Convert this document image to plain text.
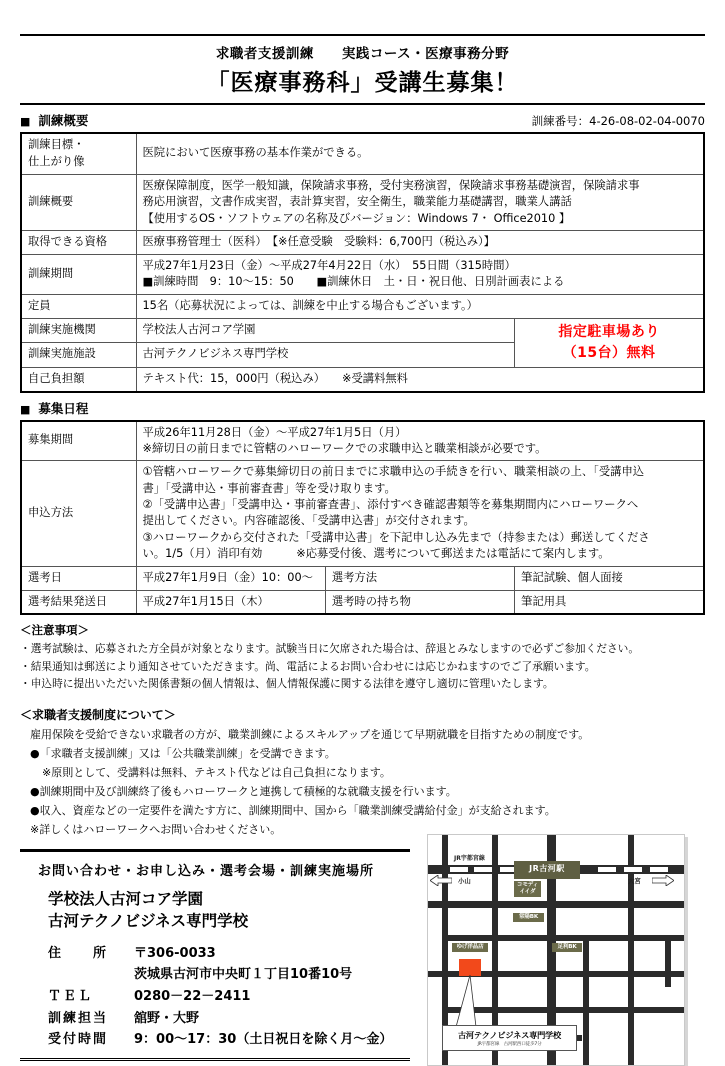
求職者支援訓練　　実践コース・医療事務分野
「医療事務科」受講生募集！
■ 訓練概要	訓練番号：4-26-08-02-04-0070
訓練目標・
仕上がり像	医院において医療事務の基本作業ができる。	
訓練概要	医療保障制度，医学一般知識，保険請求事務，受付実務演習，保険請求事務基礎演習，保険請求事
務応用演習，文書作成実習，表計算実習，安全衛生，職業能力基礎講習，職業人講話
【使用するOS・ソフトウェアの名称及びバージョン：Windows 7・ Office2010 】	

取得できる資格	医療事務管理士（医科）　【※任意受験　受験料：6,700円（税込み）】	
訓練期間	平成27年1月23日（金）～平成27年4月22日（水）　55日間（315時間）
■訓練時間　9：10～15：50　　■訓練休日　土・日・祝日他、日別計画表による	

定員	15名（応募状況によっては、訓練を中止する場合もございます。）	
訓練実施機関	学校法人古河コア学園	指定駐車場あり
（15台）無料

訓練実施施設	古河テクノビジネス専門学校	
自己負担額	テキスト代：15，000円（税込み）　　※受講料無料	
■ 募集日程
募集期間	平成26年11月28日（金）～平成27年1月5日（月）
※締切日の前日までに管轄のハローワークでの求職申込と職業相談が必要です。		

申込方法	
①管轄ハローワークで募集締切日の前日までに求職申込の手続きを行い、職業相談の上、「受講申込
書」「受講申込・事前審査書」等を受け取ります。
②「受講申込書」「受講申込・事前審査書」、添付すべき確認書類等を募集期間内にハローワークへ
提出してください。内容確認後、「受講申込書」が交付されます。
③ハローワークから交付された「受講申込書」を下記申し込み先まで（持参または）郵送してくださ
い。1/5（月）消印有効　　　※応募受付後、選考について郵送または電話にて案内します。

選考日	平成27年1月9日（金）10：00～	選考方法	筆記試験、個人面接
選考結果発送日	平成27年1月15日（木）	選考時の持ち物	筆記用具
＜注意事項＞
・選考試験は、応募された方全員が対象となります。試験当日に欠席された場合は、辞退とみなしますので必ずご参加ください。
・結果通知は郵送により通知させていただきます。尚、電話によるお問い合わせには応じかねますのでご了承願います。
・申込時に提出いただいた関係書類の個人情報は、個人情報保護に関する法律を遵守し適切に管理いたします。
＜求職者支援制度について＞
雇用保険を受給できない求職者の方が、職業訓練によるスキルアップを通じて早期就職を目指すための制度です。
●「求職者支援訓練」又は「公共職業訓練」を受講できます。
※原則として、受講料は無料、テキスト代などは自己負担になります。
●訓練期間中及び訓練終了後もハローワークと連携して積極的な就職支援を行います。
●収入、資産などの一定要件を満たす方に、訓練期間中、国から「職業訓練受講給付金」が支給されます。
※詳しくはハローワークへお問い合わせください。
お問い合わせ・お申し込み・選考会場・訓練実施場所
学校法人古河コア学園
古河テクノビジネス専門学校
住　　所	〒306-0033
茨城県古河市中央町１丁目10番10号
ＴＥＬ	0280－22－2411
訓練担当	舘野・大野
受付時間	9：00～17：30（土日祝日を除く月～金）
JR宇都宮線
JR古河駅
コモディ
イイダ
常陽BK
ゆげ洋品店	足利BK
小山	大宮
古河テクノビジネス専門学校
JR宇都宮線　古河駅西口徒歩7分
